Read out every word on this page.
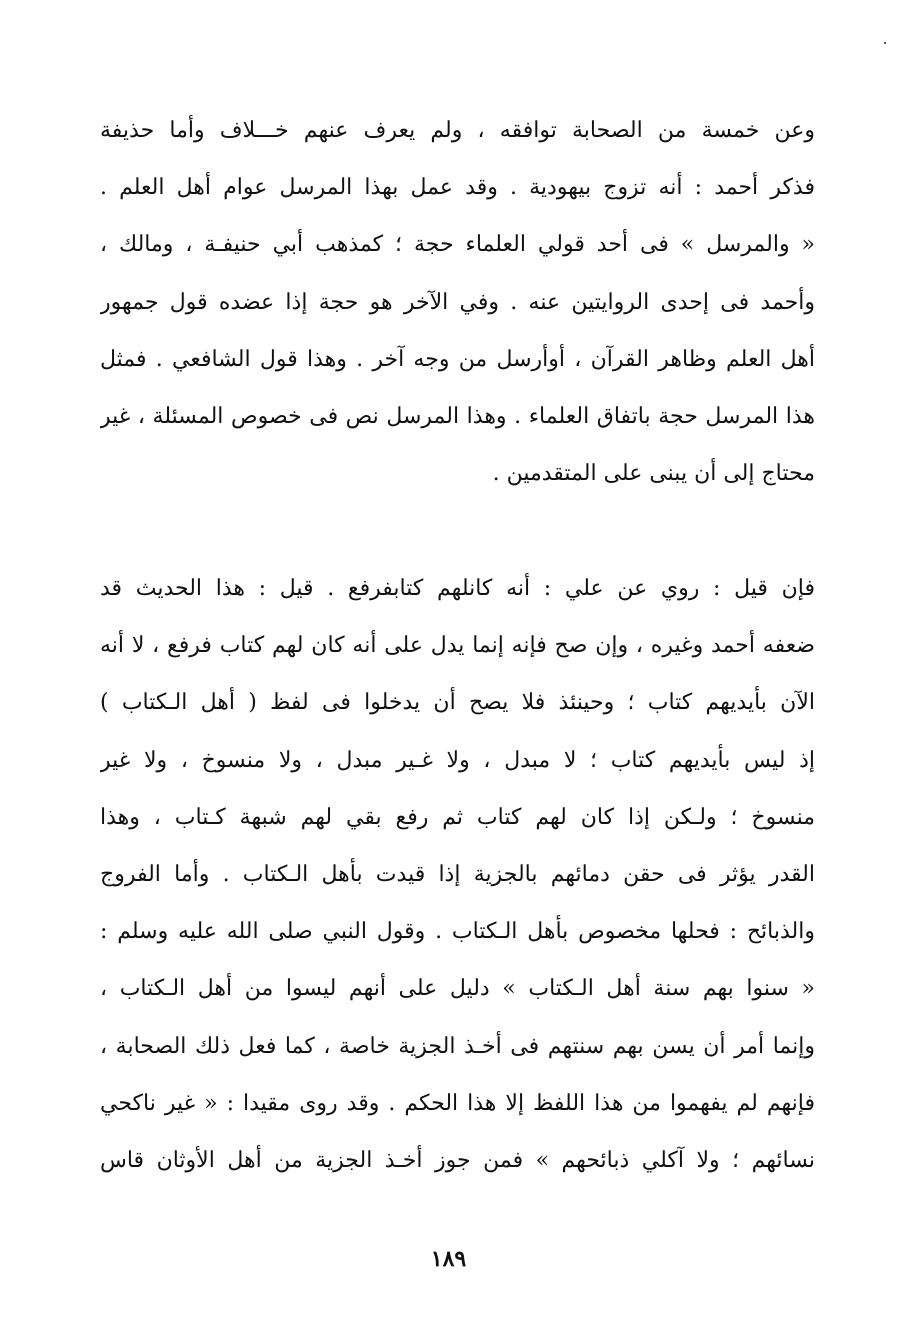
وعن خمسة من الصحابة توافقه ، ولم يعرف عنهم خـــلاف وأما حذيفة
فذكر أحمد : أنه تزوج بيهودية . وقد عمل بهذا المرسل عوام أهل العلم .
« والمرسل » فى أحد قولي العلماء حجة ؛ كمذهب أبي حنيفـة ، ومالك ،
وأحمد فى إحدى الروايتين عنه . وفي الآخر هو حجة إذا عضده قول جمهور
أهل العلم وظاهر القرآن ، أوأرسل من وجه آخر . وهذا قول الشافعي . فمثل
هذا المرسل حجة باتفاق العلماء . وهذا المرسل نص فى خصوص المسئلة ، غير
محتاج إلى أن يبنى على المتقدمين .
فإن قيل : روي عن علي : أنه كانلهم كتابفرفع . قيل : هذا الحديث قد
ضعفه أحمد وغيره ، وإن صح فإنه إنما يدل على أنه كان لهم كتاب فرفع ، لا أنه
الآن بأيديهم كتاب ؛ وحينئذ فلا يصح أن يدخلوا فى لفظ ( أهل الـكتاب )
إذ ليس بأيديهم كتاب ؛ لا مبدل ، ولا غـير مبدل ، ولا منسوخ ، ولا غير
منسوخ ؛ ولـكن إذا كان لهم كتاب ثم رفع بقي لهم شبهة كـتاب ، وهذا
القدر يؤثر فى حقن دمائهم بالجزية إذا قيدت بأهل الـكتاب . وأما الفروج
والذبائح : فحلها مخصوص بأهل الـكتاب . وقول النبي صلى الله عليه وسلم :
« سنوا بهم سنة أهل الـكتاب » دليل على أنهم ليسوا من أهل الـكتاب ،
وإنما أمر أن يسن بهم سنتهم فى أخـذ الجزية خاصة ، كما فعل ذلك الصحابة ،
فإنهم لم يفهموا من هذا اللفظ إلا هذا الحكم . وقد روى مقيدا : « غير ناكحي
نسائهم ؛ ولا آكلي ذبائحهم » فمن جوز أخـذ الجزية من أهل الأوثان قاس
١٨٩
